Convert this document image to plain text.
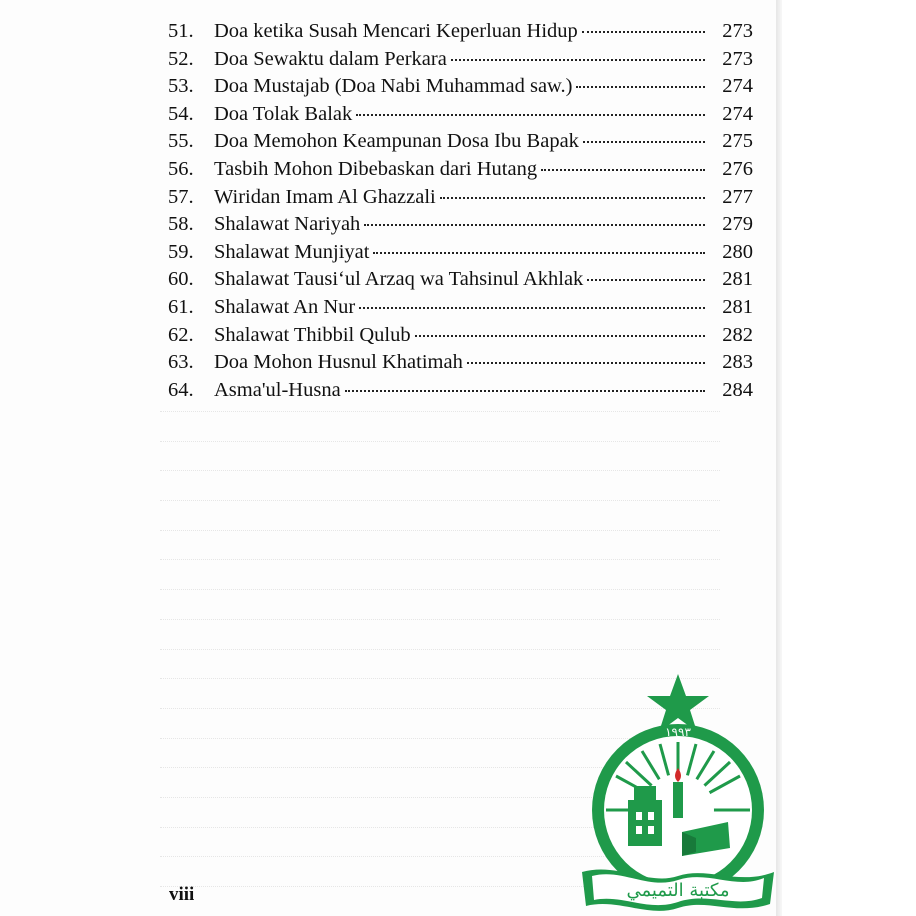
51. Doa ketika Susah Mencari Keperluan Hidup	273
52. Doa Sewaktu dalam Perkara	273
53. Doa Mustajab (Doa Nabi Muhammad saw.)	274
54. Doa Tolak Balak	274
55. Doa Memohon Keampunan Dosa Ibu Bapak	275
56. Tasbih Mohon Dibebaskan dari Hutang	276
57. Wiridan Imam Al Ghazzali	277
58. Shalawat Nariyah	279
59. Shalawat Munjiyat	280
60. Shalawat Tausi‘ul Arzaq wa Tahsinul Akhlak	281
61. Shalawat An Nur	281
62. Shalawat Thibbil Qulub	282
63. Doa Mohon Husnul Khatimah	283
64. Asma'ul-Husna	284
viii	مكتبة التميمي
١٩٩٣
